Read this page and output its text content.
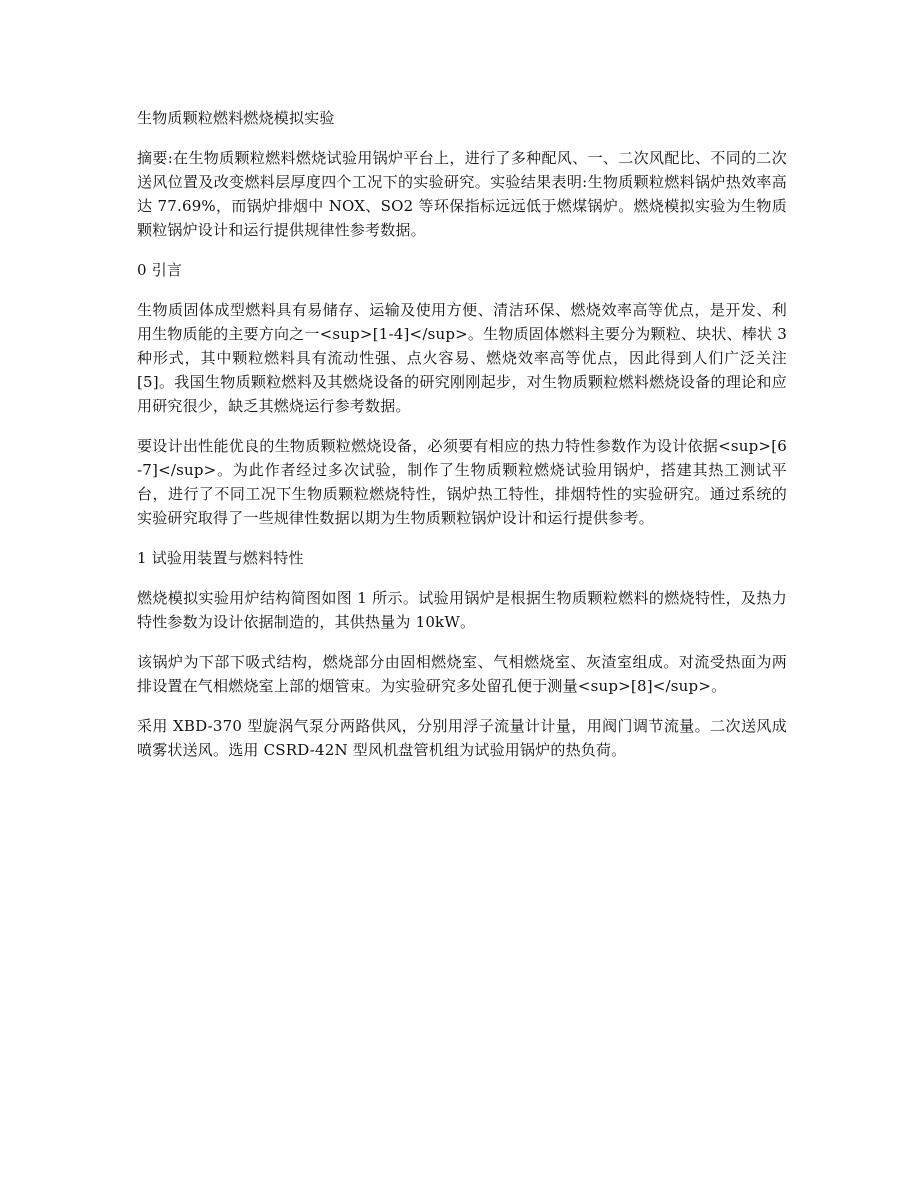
生物质颗粒燃料燃烧模拟实验

摘要:在生物质颗粒燃料燃烧试验用锅炉平台上，进行了多种配风、一、二次风配比、不同的二次送风位置及改变燃料层厚度四个工况下的实验研究。实验结果表明:生物质颗粒燃料锅炉热效率高达 77.69%，而锅炉排烟中 NOX、SO2 等环保指标远远低于燃煤锅炉。燃烧模拟实验为生物质颗粒锅炉设计和运行提供规律性参考数据。

0 引言

生物质固体成型燃料具有易储存、运输及使用方便、清洁环保、燃烧效率高等优点，是开发、利用生物质能的主要方向之一<sup>[1-4]</sup>。生物质固体燃料主要分为颗粒、块状、棒状 3 种形式，其中颗粒燃料具有流动性强、点火容易、燃烧效率高等优点，因此得到人们广泛关注[5]。我国生物质颗粒燃料及其燃烧设备的研究刚刚起步，对生物质颗粒燃料燃烧设备的理论和应用研究很少，缺乏其燃烧运行参考数据。

要设计出性能优良的生物质颗粒燃烧设备，必须要有相应的热力特性参数作为设计依据<sup>[6-7]</sup>。为此作者经过多次试验，制作了生物质颗粒燃烧试验用锅炉，搭建其热工测试平台，进行了不同工况下生物质颗粒燃烧特性，锅炉热工特性，排烟特性的实验研究。通过系统的实验研究取得了一些规律性数据以期为生物质颗粒锅炉设计和运行提供参考。

1 试验用装置与燃料特性

燃烧模拟实验用炉结构简图如图 1 所示。试验用锅炉是根据生物质颗粒燃料的燃烧特性，及热力特性参数为设计依据制造的，其供热量为 10kW。

该锅炉为下部下吸式结构，燃烧部分由固相燃烧室、气相燃烧室、灰渣室组成。对流受热面为两排设置在气相燃烧室上部的烟管束。为实验研究多处留孔便于测量<sup>[8]</sup>。

采用 XBD-370 型旋涡气泵分两路供风，分别用浮子流量计计量，用阀门调节流量。二次送风成喷雾状送风。选用 CSRD-42N 型风机盘管机组为试验用锅炉的热负荷。
